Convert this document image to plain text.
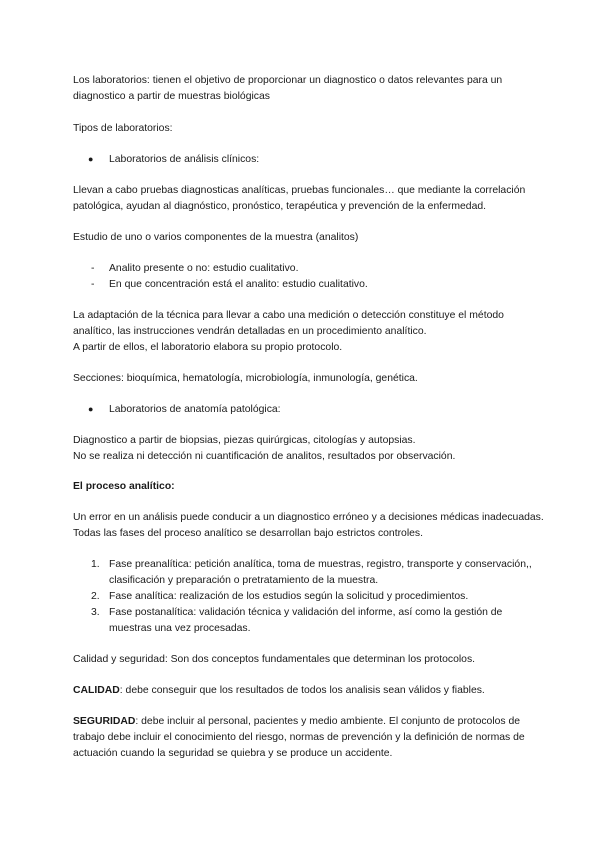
Los laboratorios: tienen el objetivo de proporcionar un diagnostico o datos relevantes para un
diagnostico a partir de muestras biológicas
Tipos de laboratorios:
● Laboratorios de análisis clínicos:
Llevan a cabo pruebas diagnosticas analíticas, pruebas funcionales… que mediante la correlación
patológica, ayudan al diagnóstico, pronóstico, terapéutica y prevención de la enfermedad.
Estudio de uno o varios componentes de la muestra (analitos)
- Analito presente o no: estudio cualitativo.
- En que concentración está el analito: estudio cualitativo.
La adaptación de la técnica para llevar a cabo una medición o detección constituye el método
analítico, las instrucciones vendrán detalladas en un procedimiento analítico.
A partir de ellos, el laboratorio elabora su propio protocolo.
Secciones: bioquímica, hematología, microbiología, inmunología, genética.
● Laboratorios de anatomía patológica:
Diagnostico a partir de biopsias, piezas quirúrgicas, citologías y autopsias.
No se realiza ni detección ni cuantificación de analitos, resultados por observación.
El proceso analítico:
Un error en un análisis puede conducir a un diagnostico erróneo y a decisiones médicas inadecuadas.
Todas las fases del proceso analítico se desarrollan bajo estrictos controles.
1. Fase preanalítica: petición analítica, toma de muestras, registro, transporte y conservación,,
clasificación y preparación o pretratamiento de la muestra.
2. Fase analítica: realización de los estudios según la solicitud y procedimientos.
3. Fase postanalítica: validación técnica y validación del informe, así como la gestión de
muestras una vez procesadas.
Calidad y seguridad: Son dos conceptos fundamentales que determinan los protocolos.
CALIDAD: debe conseguir que los resultados de todos los analisis sean válidos y fiables.
SEGURIDAD: debe incluir al personal, pacientes y medio ambiente. El conjunto de protocolos de
trabajo debe incluir el conocimiento del riesgo, normas de prevención y la definición de normas de
actuación cuando la seguridad se quiebra y se produce un accidente.
